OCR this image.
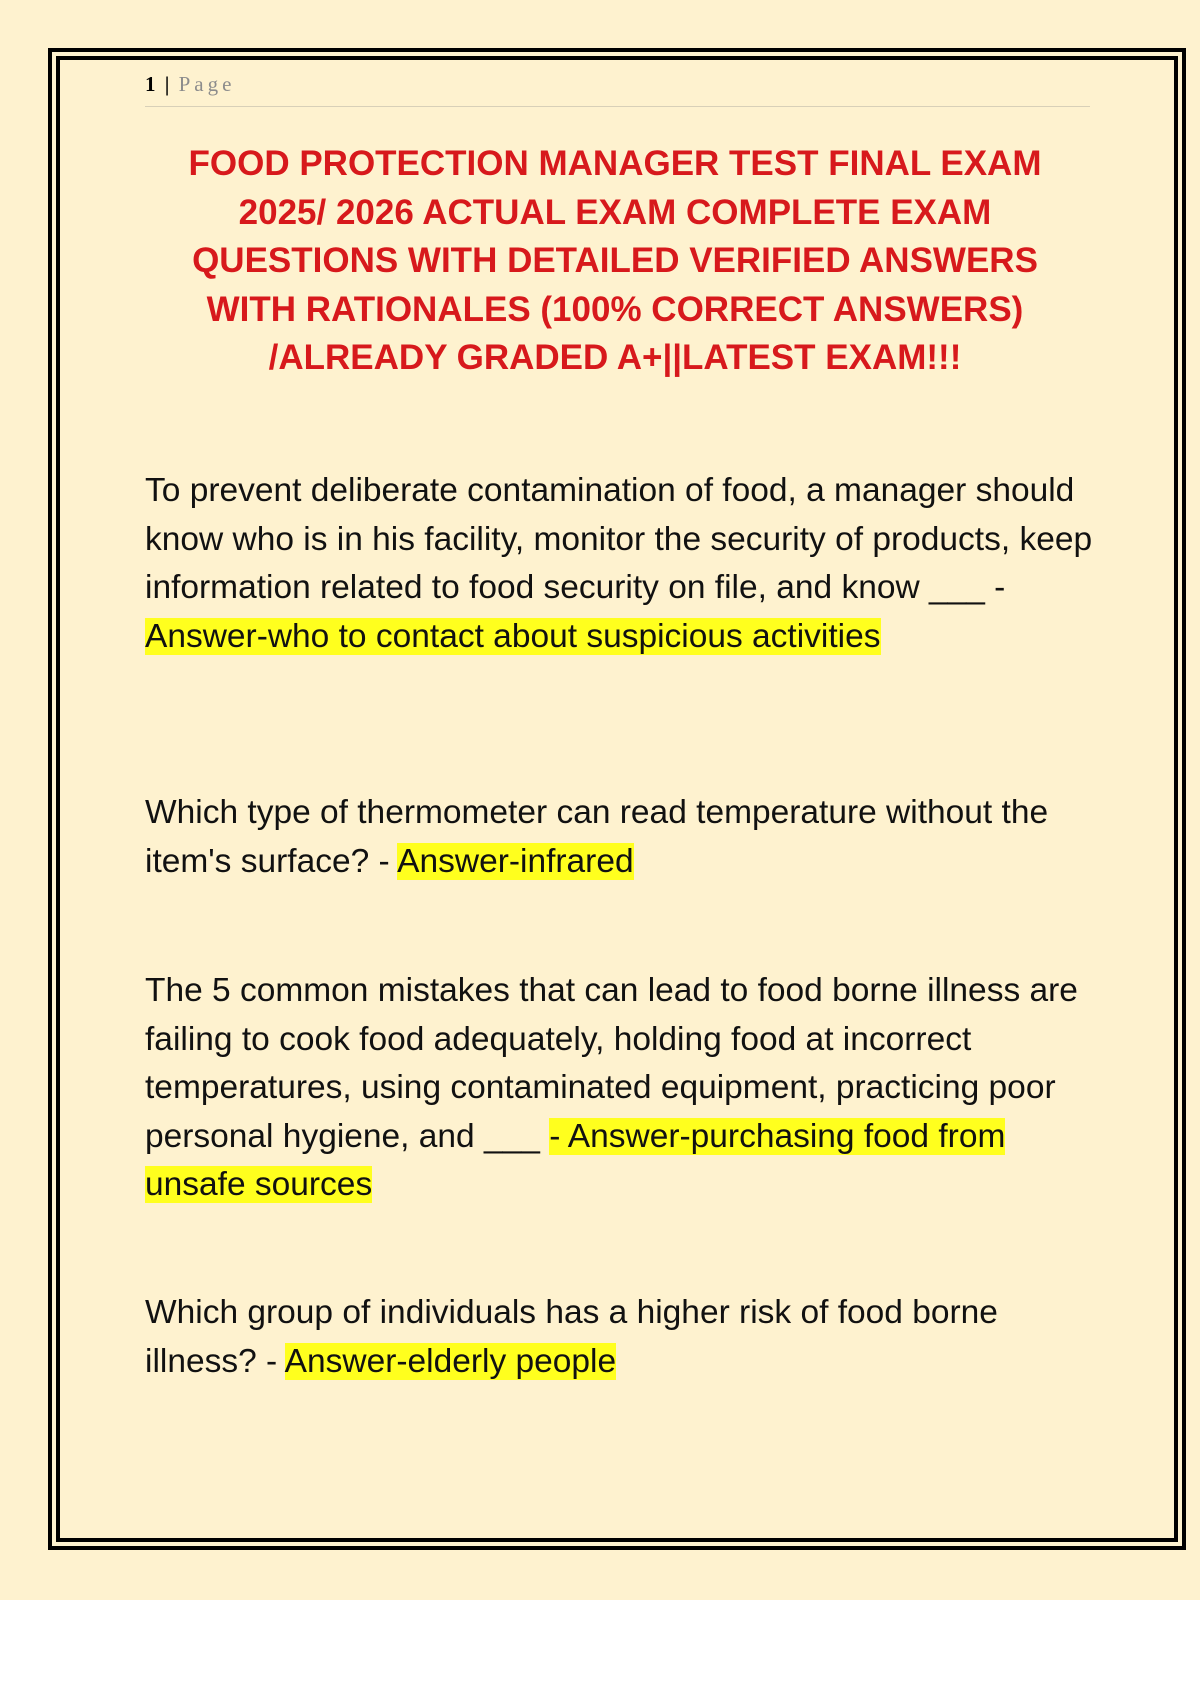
1 | Page
FOOD PROTECTION MANAGER TEST FINAL EXAM 2025/ 2026 ACTUAL EXAM COMPLETE EXAM QUESTIONS WITH DETAILED VERIFIED ANSWERS WITH RATIONALES (100% CORRECT ANSWERS) /ALREADY GRADED A+||LATEST EXAM!!!
To prevent deliberate contamination of food, a manager should know who is in his facility, monitor the security of products, keep information related to food security on file, and know ___ - Answer-who to contact about suspicious activities
Which type of thermometer can read temperature without the item's surface? - Answer-infrared
The 5 common mistakes that can lead to food borne illness are failing to cook food adequately, holding food at incorrect temperatures, using contaminated equipment, practicing poor personal hygiene, and ___ - Answer-purchasing food from unsafe sources
Which group of individuals has a higher risk of food borne illness? - Answer-elderly people
